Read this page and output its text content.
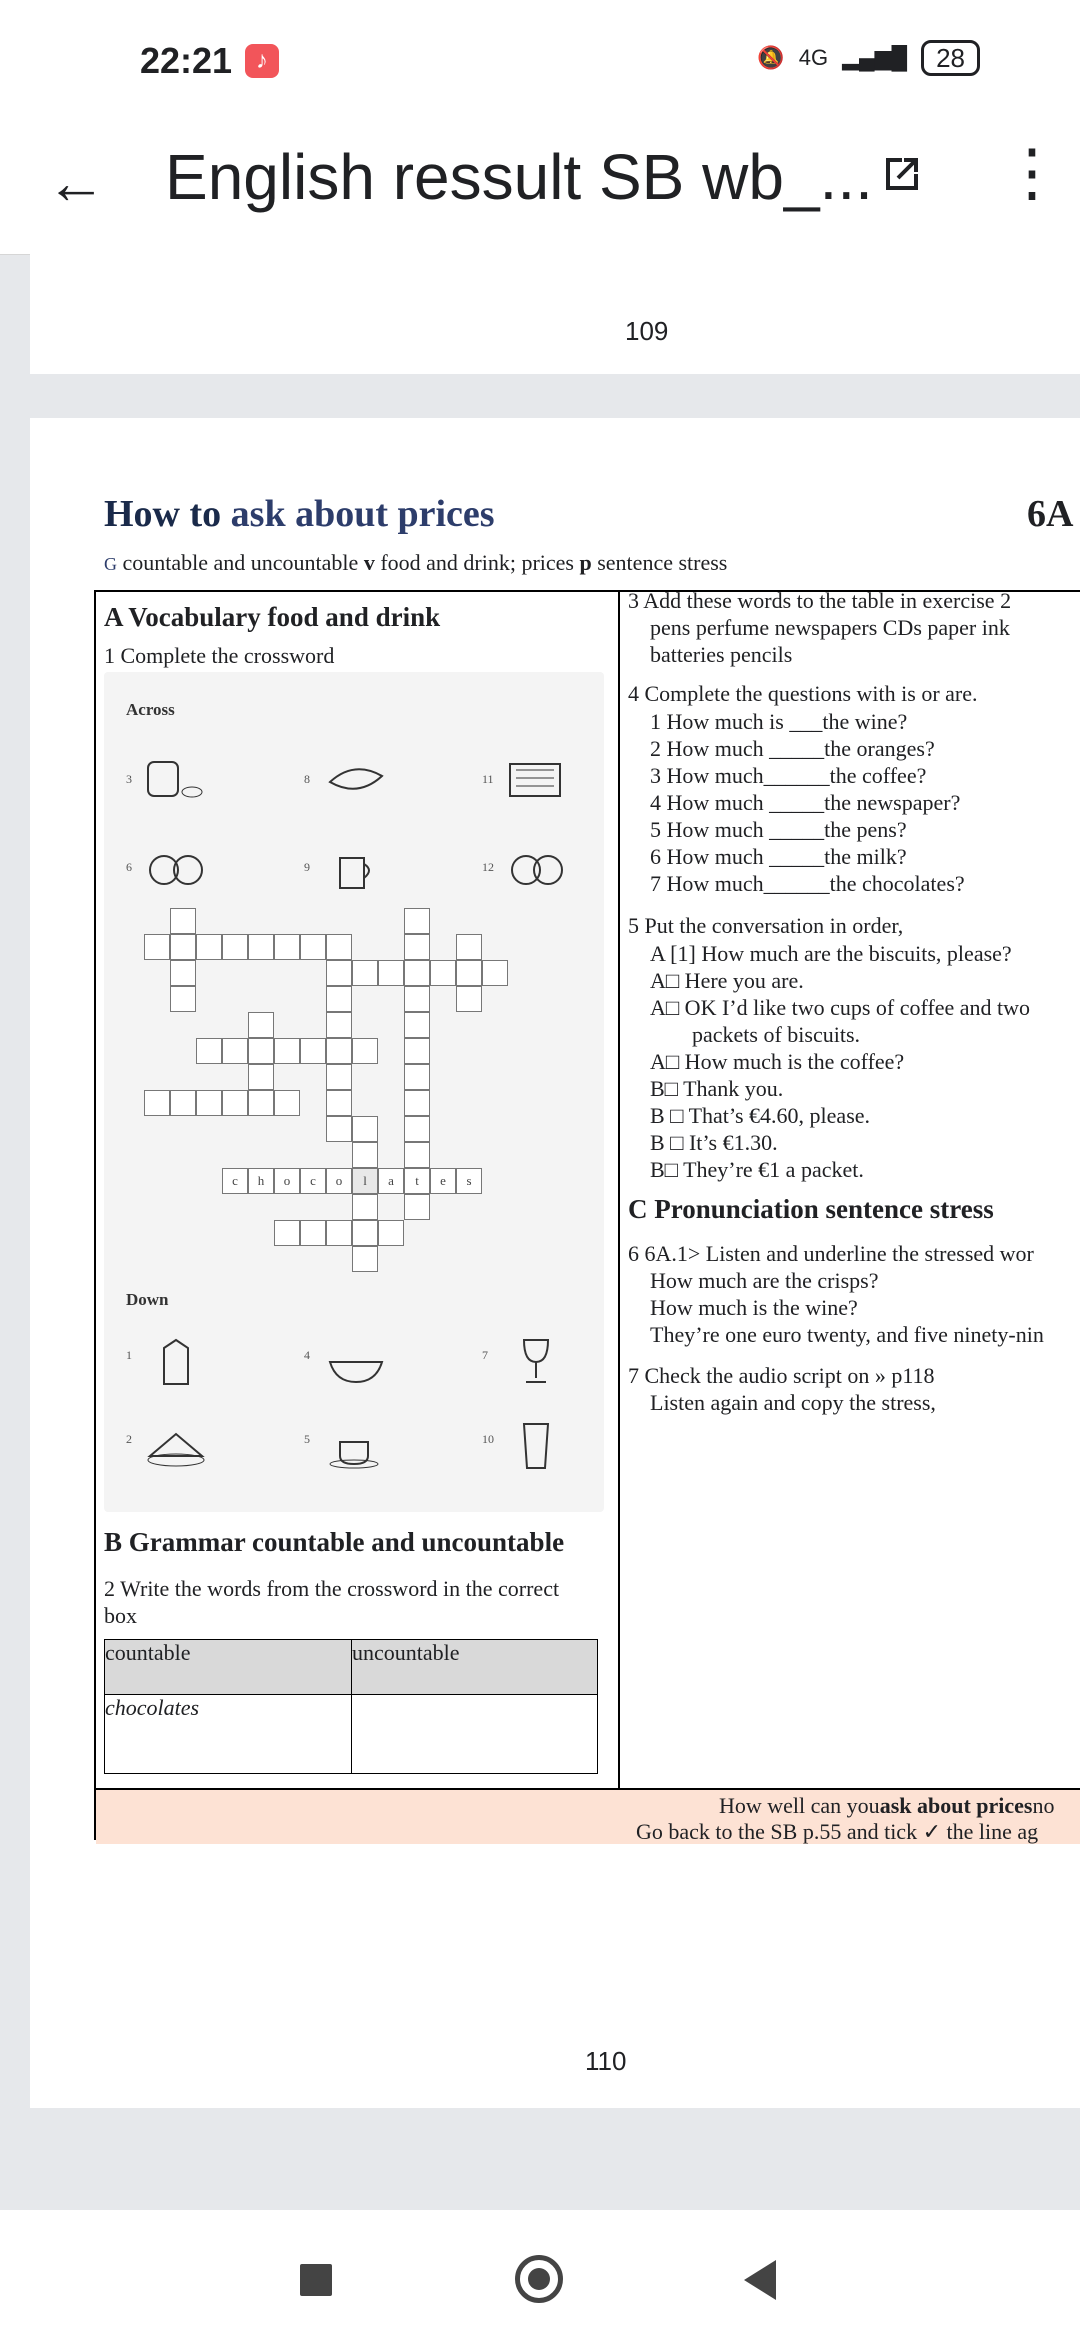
22:21 ♪	🔕 4G ▂▄▆█	28
← English ressult SB wb_... ⋮
109
110
How to ask about prices	6A
G countable and uncountable v food and drink; prices p sentence stress
A Vocabulary food and drink
1 Complete the crossword
Across
3	8	11
6	9	12
c	h	o	c	o	l	a	t	e	s
Down
1	4	7
2	5	10
B Grammar countable and uncountable
2 Write the words from the crossword in the correct
box
countable	uncountable
chocolates	
3 Add these words to the table in exercise 2
pens perfume newspapers CDs paper ink
batteries pencils
4 Complete the questions with is or are.
1 How much is ___the wine?
2 How much _____the oranges?
3 How much______the coffee?
4 How much _____the newspaper?
5 How much _____the pens?
6 How much _____the milk?
7 How much______the chocolates?
5 Put the conversation in order,
A [1] How much are the biscuits, please?
A□ Here you are.
A□ OK I’d like two cups of coffee and two
packets of biscuits.
A□ How much is the coffee?
B□ Thank you.
B □ That’s €4.60, please.
B □ It’s €1.30.
B□ They’re €1 a packet.
C Pronunciation sentence stress
6 6A.1> Listen and underline the stressed wor
How much are the crisps?
How much is the wine?
They’re one euro twenty, and five ninety-nin
7 Check the audio script on » p118
Listen again and copy the stress,
How well can youask about pricesno
Go back to the SB p.55 and tick ✓ the line ag
